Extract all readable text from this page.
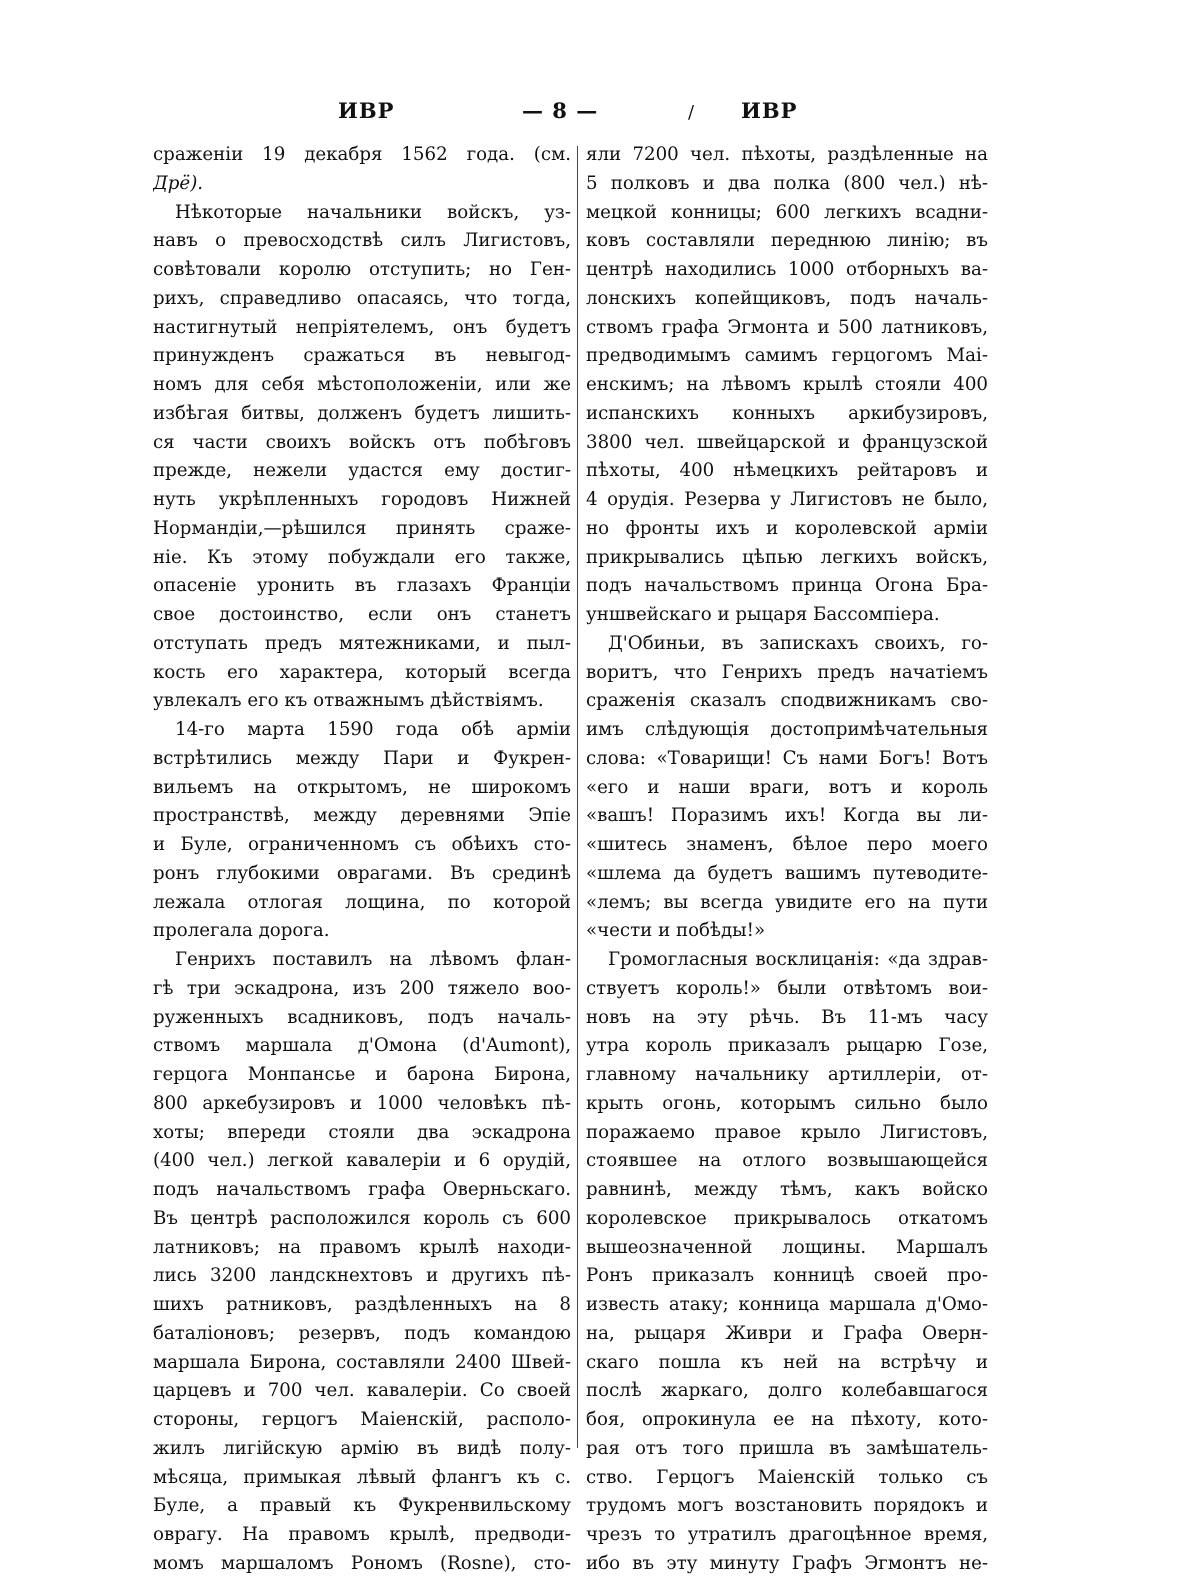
ИВР	— 8 —	/ ИВР
сраженіи 19 декабря 1562 года. (см.
Дрё).
Нѣкоторые начальники войскъ, уз-
навъ о превосходствѣ силъ Лигистовъ,
совѣтовали королю отступить; но Ген-
рихъ, справедливо опасаясь, что тогда,
настигнутый непріятелемъ, онъ будетъ
принужденъ сражаться въ невыгод-
номъ для себя мѣстоположеніи, или же
избѣгая битвы, долженъ будетъ лишить-
ся части своихъ войскъ отъ побѣговъ
прежде, нежели удастся ему достиг-
нуть укрѣпленныхъ городовъ Нижней
Нормандіи,—рѣшился принять сраже-
ніе. Къ этому побуждали его также,
опасеніе уронить въ глазахъ Франціи
свое достоинство, если онъ станетъ
отступать предъ мятежниками, и пыл-
кость его характера, который всегда
увлекалъ его къ отважнымъ дѣйствіямъ.
14-го марта 1590 года обѣ арміи
встрѣтились между Пари и Фукрен-
вильемъ на открытомъ, не широкомъ
пространствѣ, между деревнями Эпіе
и Буле, ограниченномъ съ обѣихъ сто-
ронъ глубокими оврагами. Въ срединѣ
лежала отлогая лощина, по которой
пролегала дорога.
Генрихъ поставилъ на лѣвомъ флан-
гѣ три эскадрона, изъ 200 тяжело воо-
руженныхъ всадниковъ, подъ началь-
ствомъ маршала д'Омона (d'Aumont),
герцога Монпансье и барона Бирона,
800 аркебузировъ и 1000 человѣкъ пѣ-
хоты; впереди стояли два эскадрона
(400 чел.) легкой кавалеріи и 6 орудій,
подъ начальствомъ графа Оверньскаго.
Въ центрѣ расположился король съ 600
латниковъ; на правомъ крылѣ находи-
лись 3200 ландскнехтовъ и другихъ пѣ-
шихъ ратниковъ, раздѣленныхъ на 8
баталіоновъ; резервъ, подъ командою
маршала Бирона, составляли 2400 Швей-
царцевъ и 700 чел. кавалеріи. Со своей
стороны, герцогъ Маіенскій, располо-
жилъ лигійскую армію въ видѣ полу-
мѣсяца, примыкая лѣвый флангъ къ с.
Буле, а правый къ Фукренвильскому
оврагу. На правомъ крылѣ, предводи-
момъ маршаломъ Рономъ (Rosne), сто-
яли 7200 чел. пѣхоты, раздѣленные на
5 полковъ и два полка (800 чел.) нѣ-
мецкой конницы; 600 легкихъ всадни-
ковъ составляли переднюю линію; въ
центрѣ находились 1000 отборныхъ ва-
лонскихъ копейщиковъ, подъ началь-
ствомъ графа Эгмонта и 500 латниковъ,
предводимымъ самимъ герцогомъ Маі-
енскимъ; на лѣвомъ крылѣ стояли 400
испанскихъ конныхъ аркибузировъ,
3800 чел. швейцарской и французской
пѣхоты, 400 нѣмецкихъ рейтаровъ и
4 орудія. Резерва у Лигистовъ не было,
но фронты ихъ и королевской арміи
прикрывались цѣпью легкихъ войскъ,
подъ начальствомъ принца Огона Бра-
уншвейскаго и рыцаря Бассомпіера.
Д'Обиньи, въ запискахъ своихъ, го-
воритъ, что Генрихъ предъ начатіемъ
сраженія сказалъ сподвижникамъ сво-
имъ слѣдующія достопримѣчательныя
слова: «Товарищи! Съ нами Богъ! Вотъ
«его и наши враги, вотъ и король
«вашъ! Поразимъ ихъ! Когда вы ли-
«шитесь знаменъ, бѣлое перо моего
«шлема да будетъ вашимъ путеводите-
«лемъ; вы всегда увидите его на пути
«чести и побѣды!»
Громогласныя восклицанія: «да здрав-
ствуетъ король!» были отвѣтомъ вои-
новъ на эту рѣчь. Въ 11-мъ часу
утра король приказалъ рыцарю Гозе,
главному начальнику артиллеріи, от-
крыть огонь, которымъ сильно было
поражаемо правое крыло Лигистовъ,
стоявшее на отлого возвышающейся
равнинѣ, между тѣмъ, какъ войско
королевское прикрывалось откатомъ
вышеозначенной лощины. Маршалъ
Ронъ приказалъ конницѣ своей про-
известь атаку; конница маршала д'Омо-
на, рыцаря Живри и Графа Оверн-
скаго пошла къ ней на встрѣчу и
послѣ жаркаго, долго колебавшагося
боя, опрокинула ее на пѣхоту, кото-
рая отъ того пришла въ замѣшатель-
ство. Герцогъ Маіенскій только съ
трудомъ могъ возстановить порядокъ и
чрезъ то утратилъ драгоцѣнное время,
ибо въ эту минуту Графъ Эгмонтъ не-
